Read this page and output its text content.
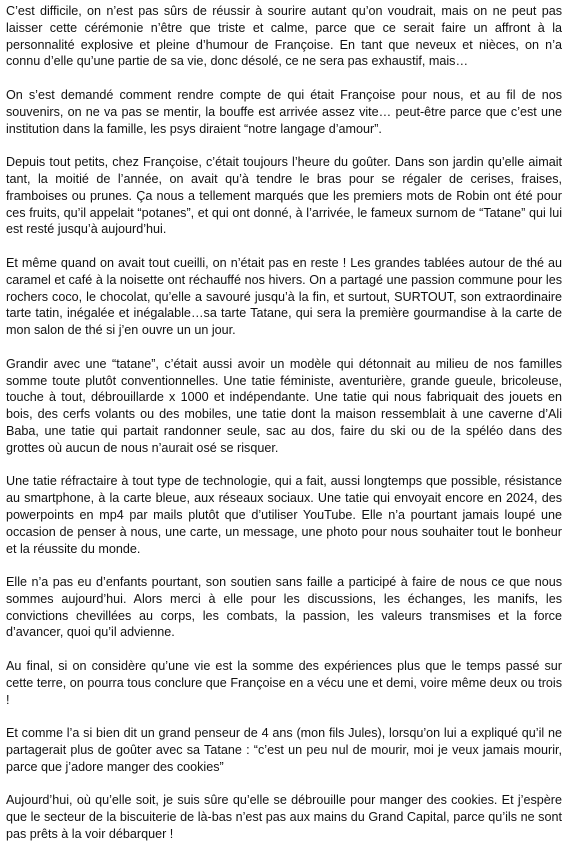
C’est difficile, on n’est pas sûrs de réussir à sourire autant qu’on voudrait, mais on ne peut pas laisser cette cérémonie n’être que triste et calme, parce que ce serait faire un affront à la personnalité explosive et pleine d’humour de Françoise. En tant que neveux et nièces, on n’a connu d’elle qu’une partie de sa vie, donc désolé, ce ne sera pas exhaustif, mais…

On s’est demandé comment rendre compte de qui était Françoise pour nous, et au fil de nos souvenirs, on ne va pas se mentir, la bouffe est arrivée assez vite… peut-être parce que c’est une institution dans la famille, les psys diraient “notre langage d’amour”.

Depuis tout petits, chez Françoise, c’était toujours l’heure du goûter. Dans son jardin qu’elle aimait tant, la moitié de l’année, on avait qu’à tendre le bras pour se régaler de cerises, fraises, framboises ou prunes. Ça nous a tellement marqués que les premiers mots de Robin ont été pour ces fruits, qu’il appelait “potanes”, et qui ont donné, à l’arrivée, le fameux surnom de “Tatane” qui lui est resté jusqu’à aujourd’hui.

Et même quand on avait tout cueilli, on n’était pas en reste ! Les grandes tablées autour de thé au caramel et café à la noisette ont réchauffé nos hivers. On a partagé une passion commune pour les rochers coco, le chocolat, qu’elle a savouré jusqu’à la fin, et surtout, SURTOUT, son extraordinaire tarte tatin, inégalée et inégalable…sa tarte Tatane, qui sera la première gourmandise à la carte de mon salon de thé si j’en ouvre un un jour.

Grandir avec une “tatane”, c’était aussi avoir un modèle qui détonnait au milieu de nos familles somme toute plutôt conventionnelles. Une tatie féministe, aventurière, grande gueule, bricoleuse, touche à tout, débrouillarde x 1000 et indépendante. Une tatie qui nous fabriquait des jouets en bois, des cerfs volants ou des mobiles, une tatie dont la maison ressemblait à une caverne d’Ali Baba, une tatie qui partait randonner seule, sac au dos, faire du ski ou de la spéléo dans des grottes où aucun de nous n’aurait osé se risquer.

Une tatie réfractaire à tout type de technologie, qui a fait, aussi longtemps que possible, résistance au smartphone, à la carte bleue, aux réseaux sociaux. Une tatie qui envoyait encore en 2024, des powerpoints en mp4 par mails plutôt que d’utiliser YouTube. Elle n’a pourtant jamais loupé une occasion de penser à nous, une carte, un message, une photo pour nous souhaiter tout le bonheur et la réussite du monde.

Elle n’a pas eu d’enfants pourtant, son soutien sans faille a participé à faire de nous ce que nous sommes aujourd’hui. Alors merci à elle pour les discussions, les échanges, les manifs, les convictions chevillées au corps, les combats, la passion, les valeurs transmises et la force d’avancer, quoi qu’il advienne.

Au final, si on considère qu’une vie est la somme des expériences plus que le temps passé sur cette terre, on pourra tous conclure que Françoise en a vécu une et demi, voire même deux ou trois !

Et comme l’a si bien dit un grand penseur de 4 ans (mon fils Jules), lorsqu’on lui a expliqué qu’il ne partagerait plus de goûter avec sa Tatane : “c’est un peu nul de mourir, moi je veux jamais mourir, parce que j’adore manger des cookies”

Aujourd’hui, où qu’elle soit, je suis sûre qu’elle se débrouille pour manger des cookies. Et j’espère que le secteur de la biscuiterie de là-bas n’est pas aux mains du Grand Capital, parce qu’ils ne sont pas prêts à la voir débarquer !
